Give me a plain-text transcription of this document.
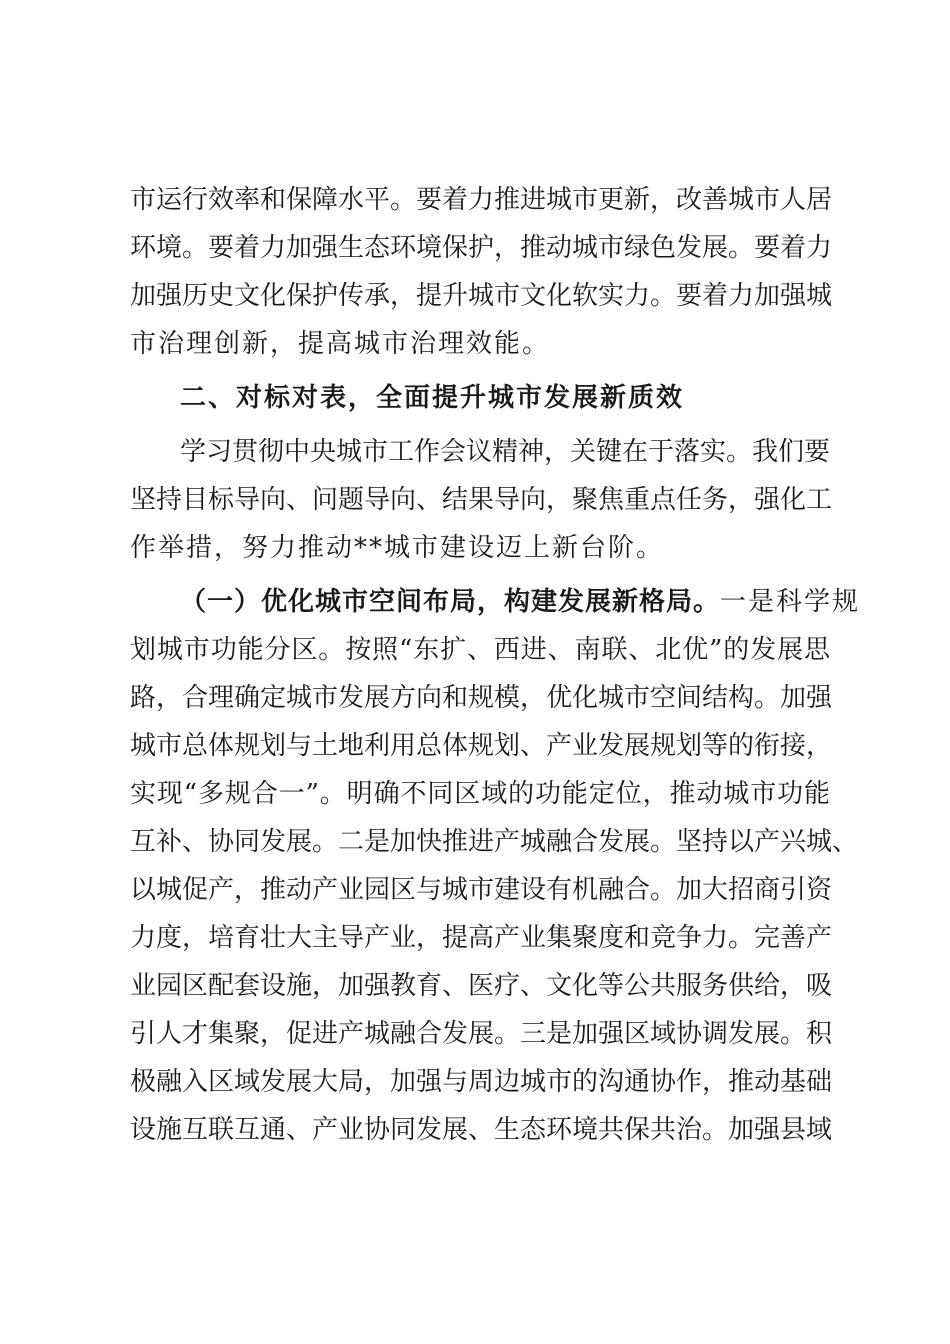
市运行效率和保障水平。要着力推进城市更新，改善城市人居
环境。要着力加强生态环境保护，推动城市绿色发展。要着力
加强历史文化保护传承，提升城市文化软实力。要着力加强城
市治理创新，提高城市治理效能。
二、对标对表，全面提升城市发展新质效
学习贯彻中央城市工作会议精神，关键在于落实。我们要
坚持目标导向、问题导向、结果导向，聚焦重点任务，强化工
作举措，努力推动**城市建设迈上新台阶。
（一）优化城市空间布局，构建发展新格局。一是科学规
划城市功能分区。按照“东扩、西进、南联、北优”的发展思
路，合理确定城市发展方向和规模，优化城市空间结构。加强
城市总体规划与土地利用总体规划、产业发展规划等的衔接，
实现“多规合一”。明确不同区域的功能定位，推动城市功能
互补、协同发展。二是加快推进产城融合发展。坚持以产兴城、
以城促产，推动产业园区与城市建设有机融合。加大招商引资
力度，培育壮大主导产业，提高产业集聚度和竞争力。完善产
业园区配套设施，加强教育、医疗、文化等公共服务供给，吸
引人才集聚，促进产城融合发展。三是加强区域协调发展。积
极融入区域发展大局，加强与周边城市的沟通协作，推动基础
设施互联互通、产业协同发展、生态环境共保共治。加强县域
